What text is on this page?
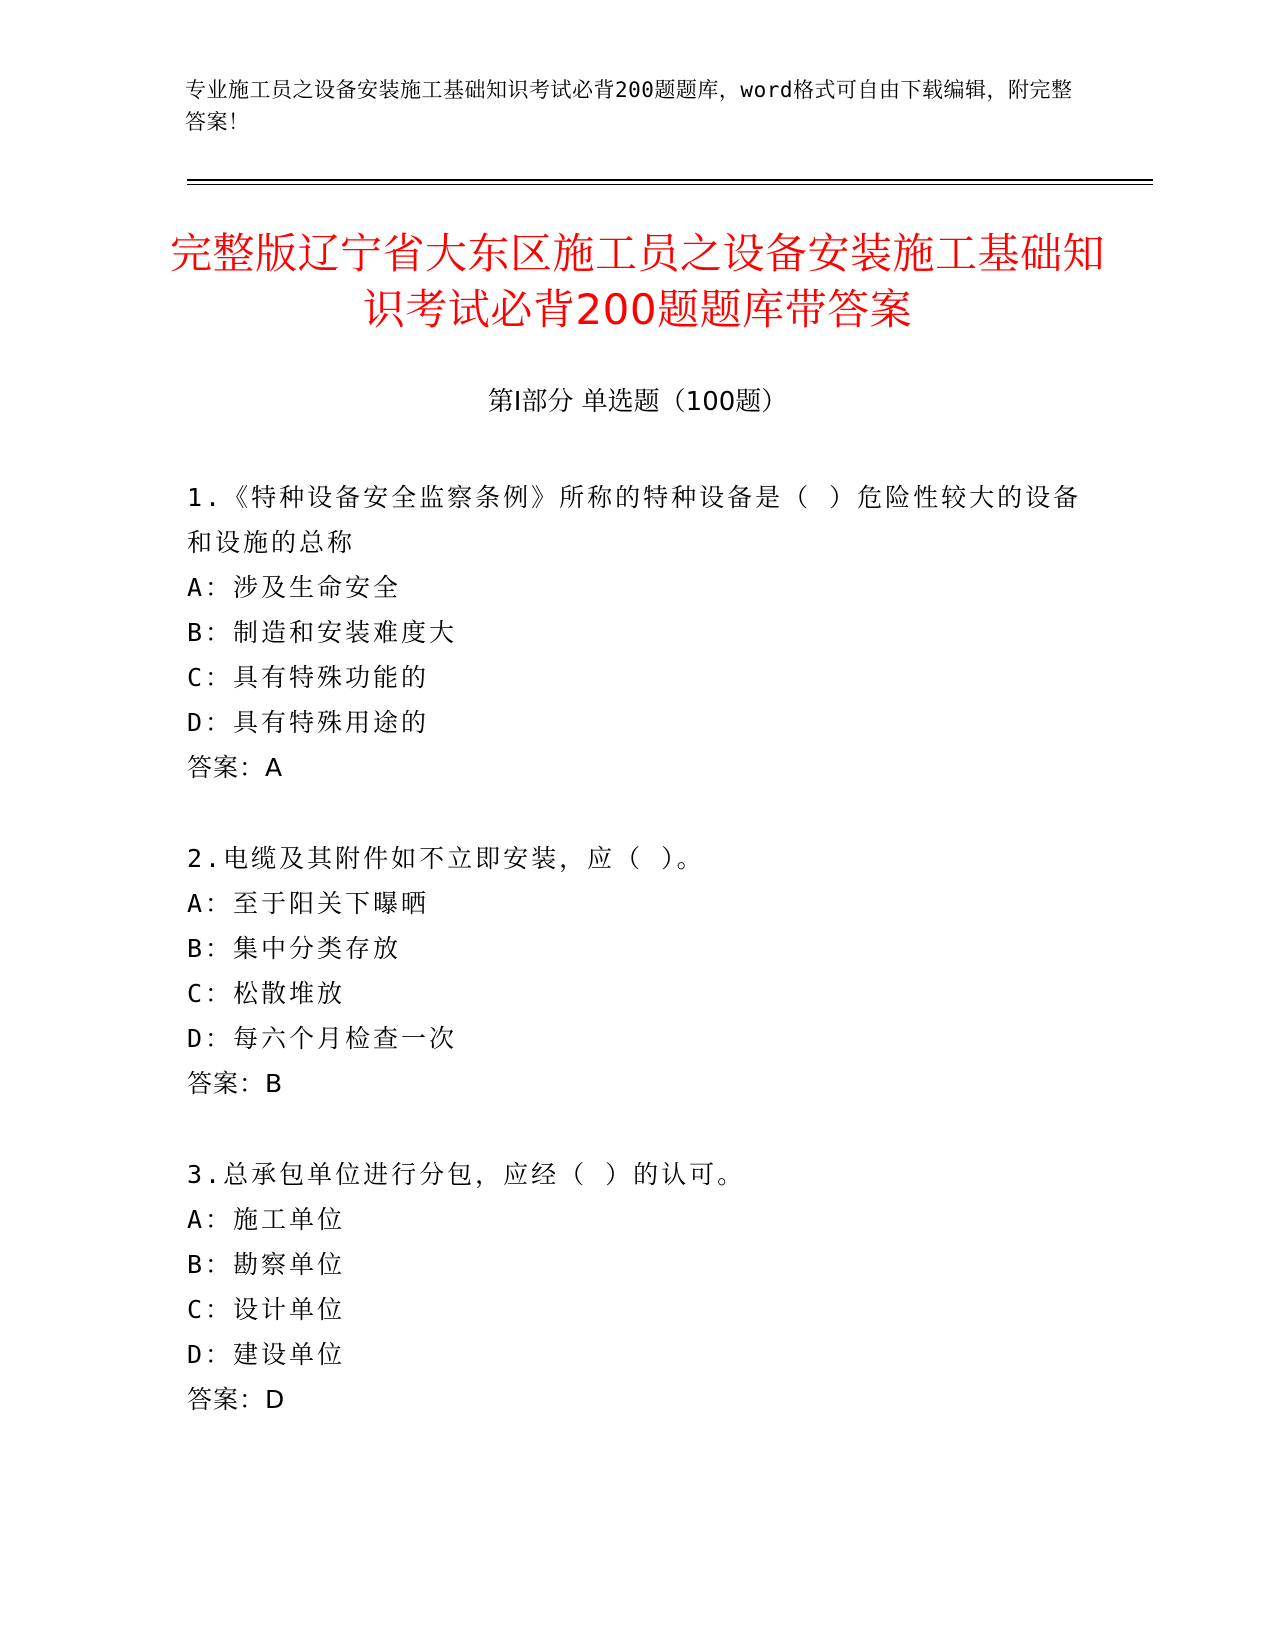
专业施工员之设备安装施工基础知识考试必背200题题库，word格式可自由下载编辑，附完整答案！
完整版辽宁省大东区施工员之设备安装施工基础知识考试必背200题题库带答案
第Ⅰ部分 单选题（100题）
1.《特种设备安全监察条例》所称的特种设备是（ ）危险性较大的设备和设施的总称
A：涉及生命安全
B：制造和安装难度大
C：具有特殊功能的
D：具有特殊用途的
答案：A
2.电缆及其附件如不立即安装，应（ ）。
A：至于阳关下曝晒
B：集中分类存放
C：松散堆放
D：每六个月检查一次
答案：B
3.总承包单位进行分包，应经（ ）的认可。
A：施工单位
B：勘察单位
C：设计单位
D：建设单位
答案：D
